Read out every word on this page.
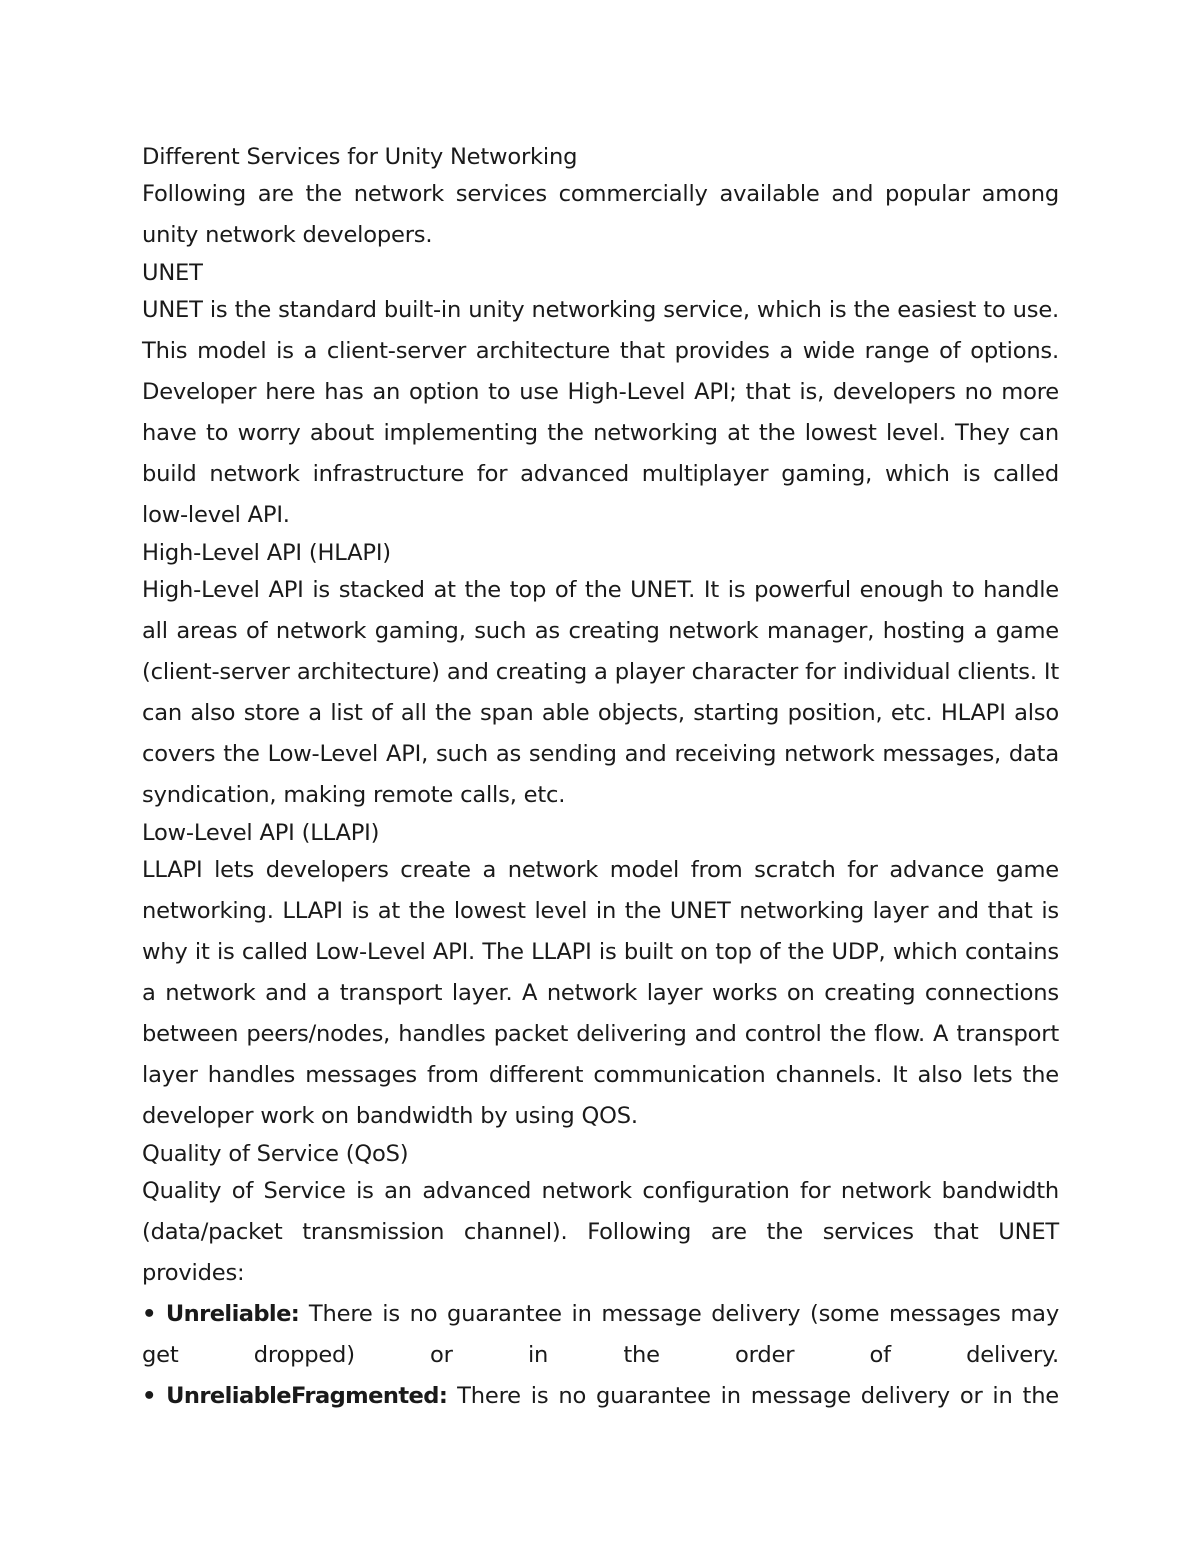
Different Services for Unity Networking

Following are the network services commercially available and popular among unity network developers.

UNET

UNET is the standard built-in unity networking service, which is the easiest to use. This model is a client-server architecture that provides a wide range of options. Developer here has an option to use High-Level API; that is, developers no more have to worry about implementing the networking at the lowest level. They can build network infrastructure for advanced multiplayer gaming, which is called low-level API.

High-Level API (HLAPI)

High-Level API is stacked at the top of the UNET. It is powerful enough to handle all areas of network gaming, such as creating network manager, hosting a game (client-server architecture) and creating a player character for individual clients. It can also store a list of all the span able objects, starting position, etc. HLAPI also covers the Low-Level API, such as sending and receiving network messages, data syndication, making remote calls, etc.

Low-Level API (LLAPI)

LLAPI lets developers create a network model from scratch for advance game networking. LLAPI is at the lowest level in the UNET networking layer and that is why it is called Low-Level API. The LLAPI is built on top of the UDP, which contains a network and a transport layer. A network layer works on creating connections between peers/nodes, handles packet delivering and control the flow. A transport layer handles messages from different communication channels. It also lets the developer work on bandwidth by using QOS.

Quality of Service (QoS)

Quality of Service is an advanced network configuration for network bandwidth (data/packet transmission channel). Following are the services that UNET provides:

• Unreliable: There is no guarantee in message delivery (some messages may get dropped) or in the order of delivery.

• UnreliableFragmented: There is no guarantee in message delivery or in the
